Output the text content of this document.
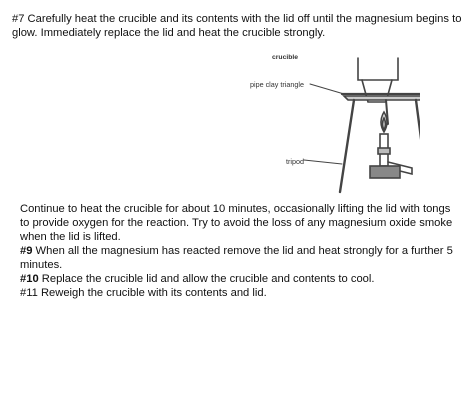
#7 Carefully heat the crucible and its contents with the lid off until the magnesium begins to glow. Immediately replace the lid and heat the crucible strongly.

crucible
pipe clay triangle
tripod

Continue to heat the crucible for about 10 minutes, occasionally lifting the lid with tongs to provide oxygen for the reaction. Try to avoid the loss of any magnesium oxide smoke when the lid is lifted.

#9 When all the magnesium has reacted remove the lid and heat strongly for a further 5 minutes.

#10 Replace the crucible lid and allow the crucible and contents to cool.

#11 Reweigh the crucible with its contents and lid.
